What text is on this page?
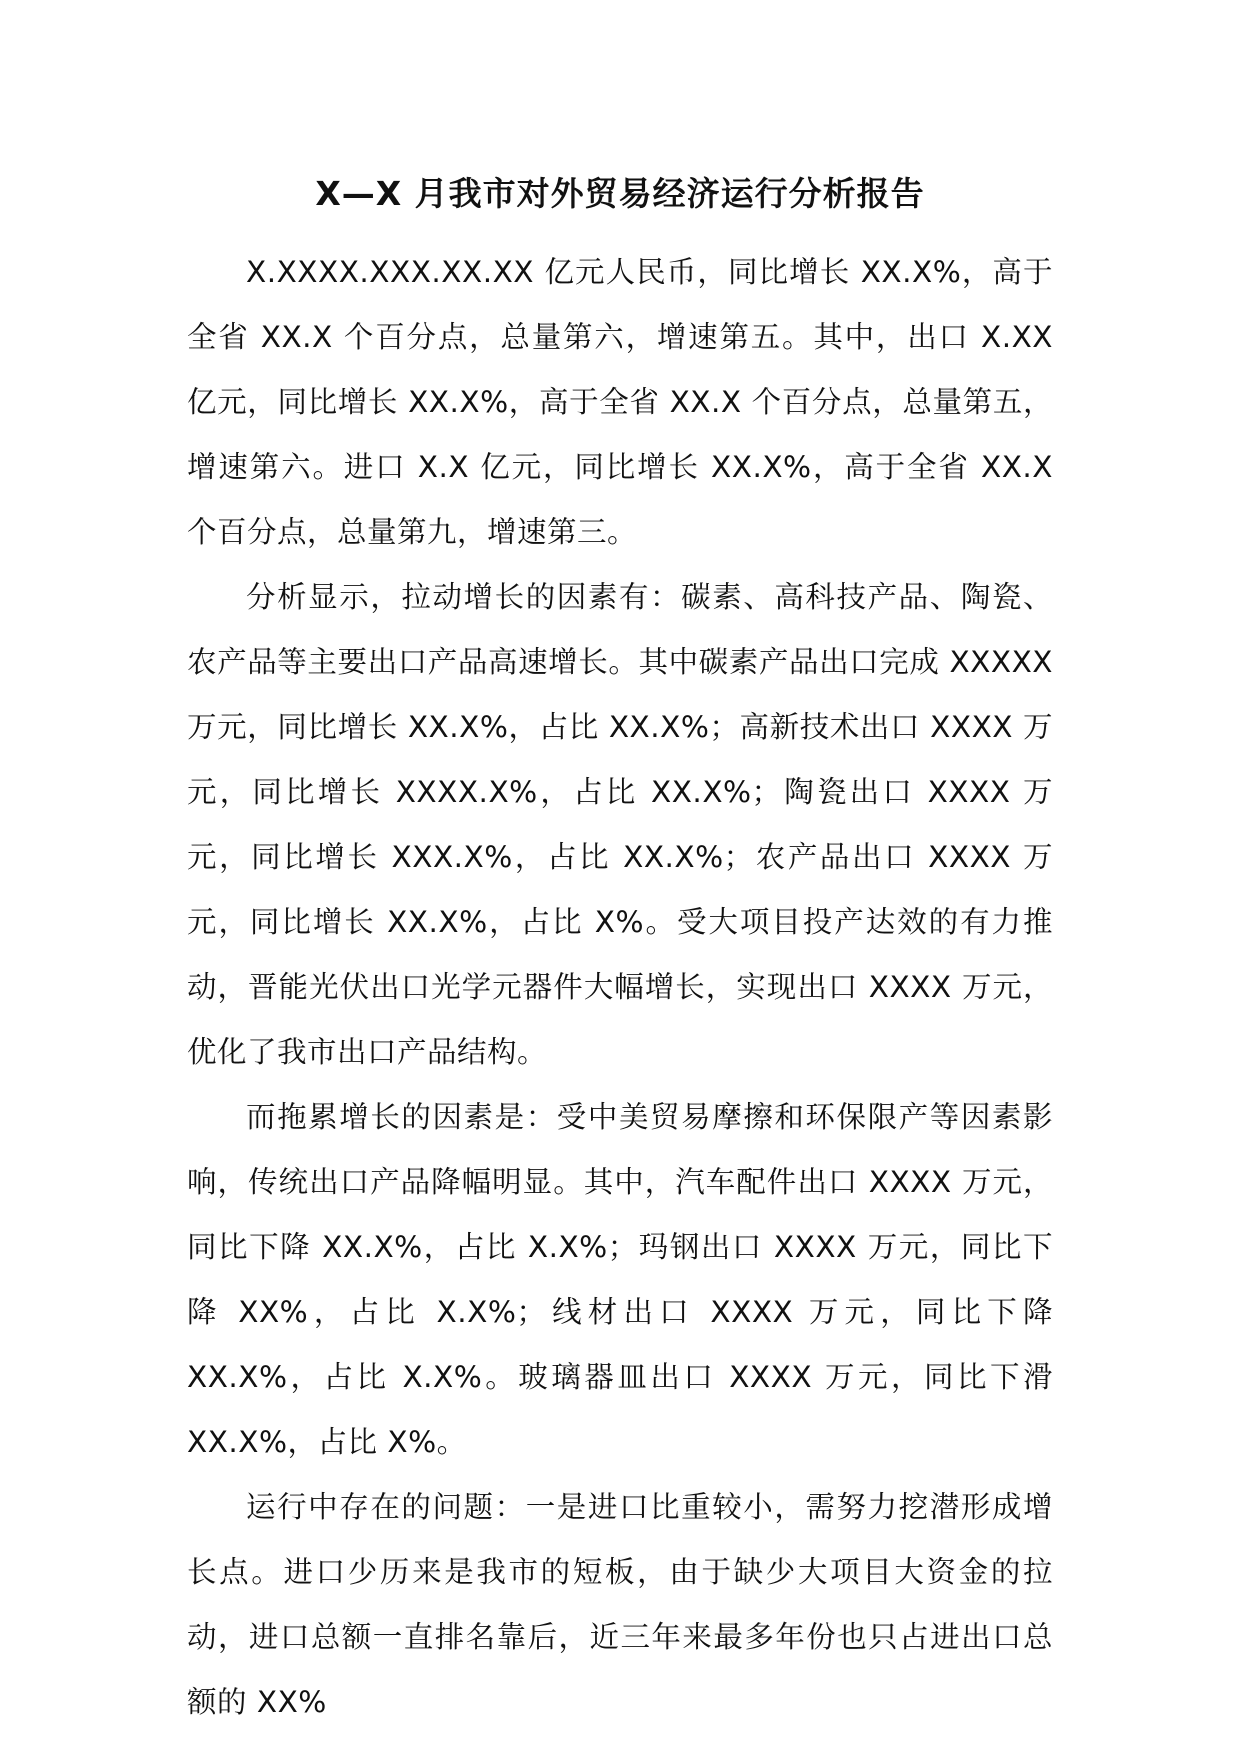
X—X 月我市对外贸易经济运行分析报告

X.XXXX.XXX.XX.XX 亿元人民币，同比增长 XX.X%，高于全省 XX.X 个百分点，总量第六，增速第五。其中，出口 X.XX 亿元，同比增长 XX.X%，高于全省 XX.X 个百分点，总量第五，增速第六。进口 X.X 亿元，同比增长 XX.X%，高于全省 XX.X 个百分点，总量第九，增速第三。

分析显示，拉动增长的因素有：碳素、高科技产品、陶瓷、农产品等主要出口产品高速增长。其中碳素产品出口完成 XXXXX 万元，同比增长 XX.X%，占比 XX.X%；高新技术出口 XXXX 万元，同比增长 XXXX.X%，占比 XX.X%；陶瓷出口 XXXX 万元，同比增长 XXX.X%，占比 XX.X%；农产品出口 XXXX 万元，同比增长 XX.X%，占比 X%。受大项目投产达效的有力推动，晋能光伏出口光学元器件大幅增长，实现出口 XXXX 万元，优化了我市出口产品结构。

而拖累增长的因素是：受中美贸易摩擦和环保限产等因素影响，传统出口产品降幅明显。其中，汽车配件出口 XXXX 万元，同比下降 XX.X%，占比 X.X%；玛钢出口 XXXX 万元，同比下降 XX%，占比 X.X%；线材出口 XXXX 万元，同比下降 XX.X%，占比 X.X%。玻璃器皿出口 XXXX 万元，同比下滑 XX.X%，占比 X%。

运行中存在的问题：一是进口比重较小，需努力挖潜形成增长点。进口少历来是我市的短板，由于缺少大项目大资金的拉动，进口总额一直排名靠后，近三年来最多年份也只占进出口总额的 XX%
